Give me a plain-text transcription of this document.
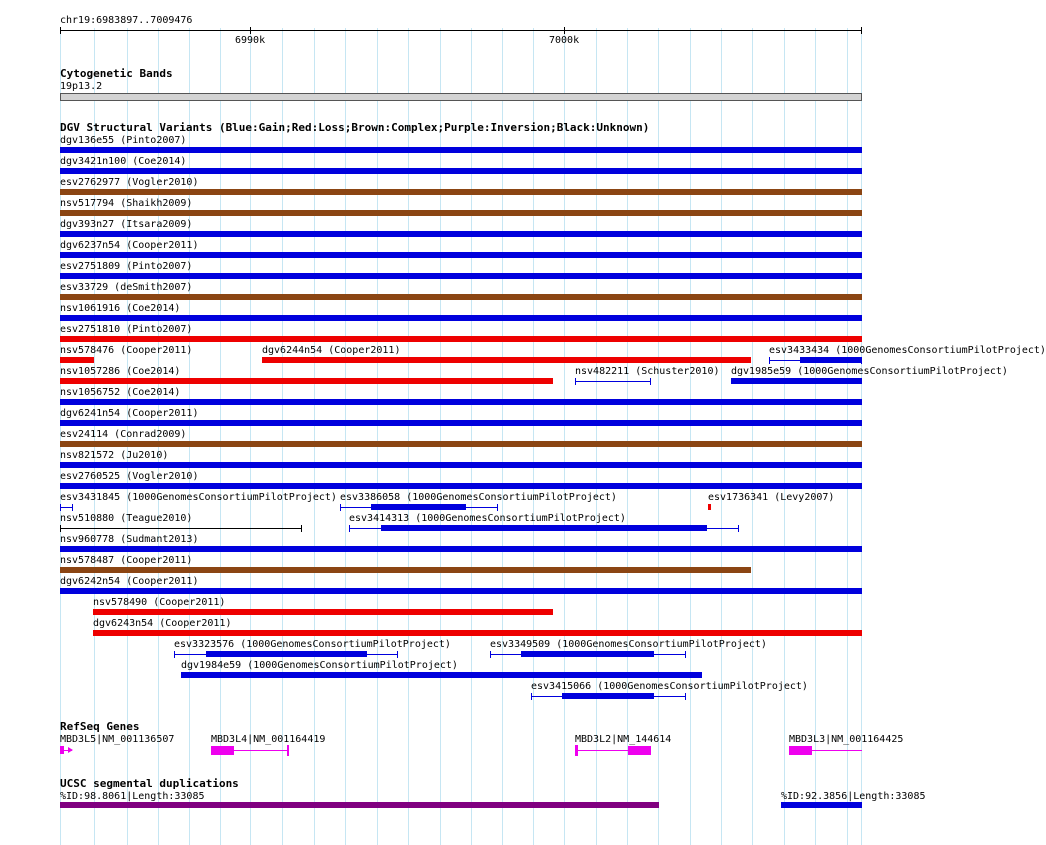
chr19:6983897..7009476
6990k	7000k
Cytogenetic Bands
19p13.2
DGV Structural Variants (Blue:Gain;Red:Loss;Brown:Complex;Purple:Inversion;Black:Unknown)
dgv136e55 (Pinto2007)
dgv3421n100 (Coe2014)
esv2762977 (Vogler2010)
nsv517794 (Shaikh2009)
dgv393n27 (Itsara2009)
dgv6237n54 (Cooper2011)
esv2751809 (Pinto2007)
esv33729 (deSmith2007)
nsv1061916 (Coe2014)
esv2751810 (Pinto2007)
nsv578476 (Cooper2011)	dgv6244n54 (Cooper2011)	esv3433434 (1000GenomesConsortiumPilotProject)
nsv1057286 (Coe2014)	nsv482211 (Schuster2010) dgv1985e59 (1000GenomesConsortiumPilotProject)
nsv1056752 (Coe2014)
dgv6241n54 (Cooper2011)
esv24114 (Conrad2009)
nsv821572 (Ju2010)
esv2760525 (Vogler2010)
esv3431845 (1000GenomesConsortiumPilotProject) esv3386058 (1000GenomesConsortiumPilotProject)	esv1736341 (Levy2007)
nsv510880 (Teague2010)	esv3414313 (1000GenomesConsortiumPilotProject)
nsv960778 (Sudmant2013)
nsv578487 (Cooper2011)
dgv6242n54 (Cooper2011)
nsv578490 (Cooper2011)
dgv6243n54 (Cooper2011)
esv3323576 (1000GenomesConsortiumPilotProject)	esv3349509 (1000GenomesConsortiumPilotProject)
dgv1984e59 (1000GenomesConsortiumPilotProject)
esv3415066 (1000GenomesConsortiumPilotProject)
RefSeq Genes
MBD3L5|NM_001136507	MBD3L4|NM_001164419	MBD3L2|NM_144614	MBD3L3|NM_001164425
UCSC segmental duplications
%ID:98.8061|Length:33085	%ID:92.3856|Length:33085
